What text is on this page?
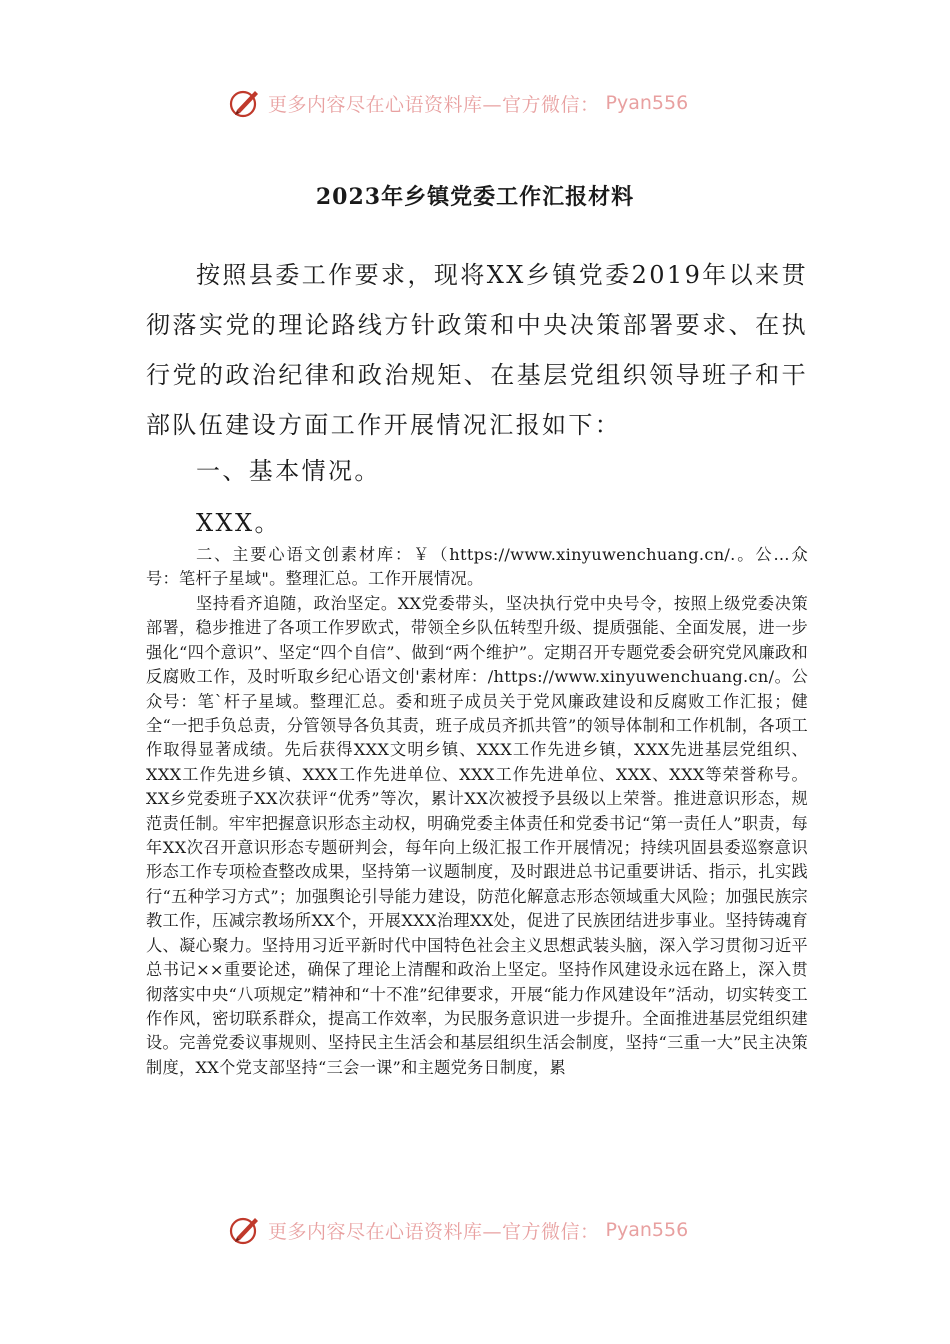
更多内容尽在心语资料库—官方微信： Pyan556
2023年乡镇党委工作汇报材料
按照县委工作要求，现将XX乡镇党委2019年以来贯彻落实党的理论路线方针政策和中央决策部署要求、在执行党的政治纪律和政治规矩、在基层党组织领导班子和干部队伍建设方面工作开展情况汇报如下：
一、基本情况。
XXX。
二、主要心语文创素材库：￥（https://www.xinyuwenchuang.cn/.。公…众号：笔杆子星域"。整理汇总。工作开展情况。
坚持看齐追随，政治坚定。XX党委带头，坚决执行党中央号令，按照上级党委决策部署，稳步推进了各项工作罗欧式，带领全乡队伍转型升级、提质强能、全面发展，进一步强化“四个意识”、坚定“四个自信”、做到“两个维护”。定期召开专题党委会研究党风廉政和反腐败工作，及时听取乡纪心语文创'素材库：/https://www.xinyuwenchuang.cn/。公众号：笔`杆子星域。整理汇总。委和班子成员关于党风廉政建设和反腐败工作汇报；健全“一把手负总责，分管领导各负其责，班子成员齐抓共管”的领导体制和工作机制，各项工作取得显著成绩。先后获得XXX文明乡镇、XXX工作先进乡镇，XXX先进基层党组织、XXX工作先进乡镇、XXX工作先进单位、XXX工作先进单位、XXX、XXX等荣誉称号。XX乡党委班子XX次获评“优秀”等次，累计XX次被授予县级以上荣誉。推进意识形态，规范责任制。牢牢把握意识形态主动权，明确党委主体责任和党委书记“第一责任人”职责，每年XX次召开意识形态专题研判会，每年向上级汇报工作开展情况；持续巩固县委巡察意识形态工作专项检查整改成果，坚持第一议题制度，及时跟进总书记重要讲话、指示，扎实践行“五种学习方式”；加强舆论引导能力建设，防范化解意志形态领域重大风险；加强民族宗教工作，压减宗教场所XX个，开展XXX治理XX处，促进了民族团结进步事业。坚持铸魂育人、凝心聚力。坚持用习近平新时代中国特色社会主义思想武装头脑，深入学习贯彻习近平总书记××重要论述，确保了理论上清醒和政治上坚定。坚持作风建设永远在路上，深入贯彻落实中央“八项规定”精神和“十不准”纪律要求，开展“能力作风建设年”活动，切实转变工作作风，密切联系群众，提高工作效率，为民服务意识进一步提升。全面推进基层党组织建设。完善党委议事规则、坚持民主生活会和基层组织生活会制度，坚持“三重一大”民主决策制度，XX个党支部坚持“三会一课”和主题党务日制度，累
更多内容尽在心语资料库—官方微信： Pyan556
